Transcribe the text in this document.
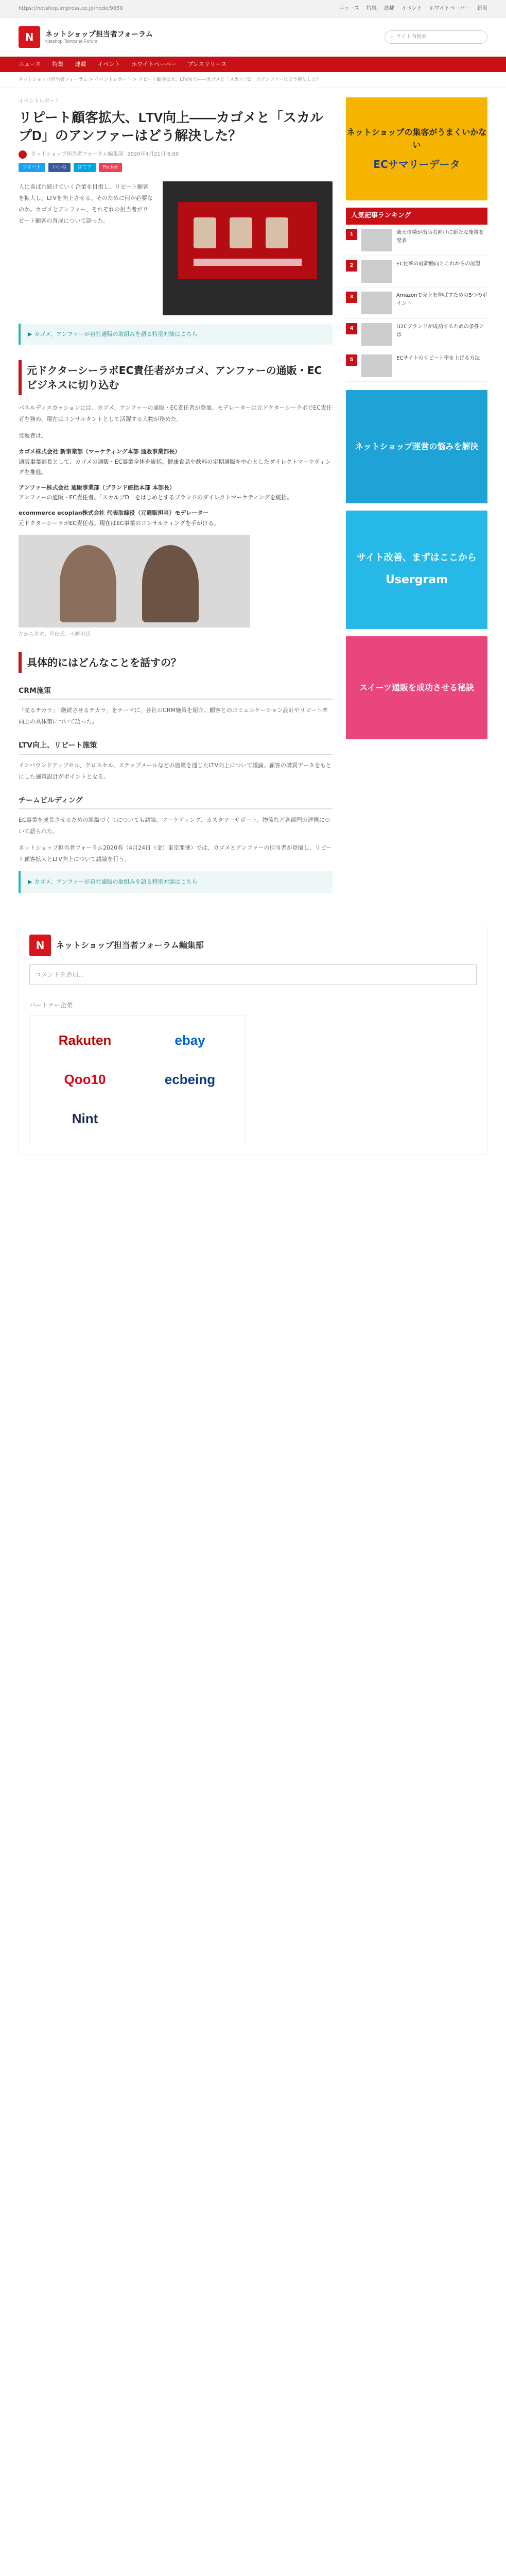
https://netshop.impress.co.jp/node/9859	ニュース 特集 連載 イベント ホワイトペーパー 新着
N	ネットショップ担当者フォーラム
Netshop Tantosha Forum
⌕ サイト内検索
ニュース 特集 連載 イベント ホワイトペーパー プレスリリース
ネットショップ担当者フォーラム > イベントレポート > リピート顧客拡大、LTV向上――カゴメと「スカルプD」のアンファーはどう解決した？
イベントレポート
リピート顧客拡大、LTV向上――カゴメと「スカルプD」のアンファーはどう解決した？
ネットショップ担当者フォーラム編集部 2020年4月21日 6:00
ツイート	いいね	はてブ	Pocket

人に喜ばれ続けていく企業を目指し、リピート顧客を拡大し、LTVを向上させる。そのために何が必要なのか。カゴメとアンファー、それぞれの担当者がリピート顧客の育成について語った。

▶ カゴメ、アンファーが自社通販の取組みを語る特別対談はこちら
元ドクターシーラボEC責任者がカゴメ、アンファーの通販・ECビジネスに切り込む

パネルディスカッションには、カゴメ、アンファーの通販・EC責任者が登壇。モデレーターは元ドクターシーラボでEC責任者を務め、現在はコンサルタントとして活躍する人物が務めた。

登壇者は、

カゴメ株式会社 新事業部（マーケティング本部 通販事業部長）
通販事業部長として、カゴメの通販・EC事業全体を統括。健康食品や飲料の定期通販を中心としたダイレクトマーケティングを推進。
アンファー株式会社 通販事業部（ブランド統括本部 本部長）
アンファーの通販・EC責任者。「スカルプD」をはじめとするブランドのダイレクトマーケティングを統括。
ecommerce ecoplan株式会社 代表取締役（元通販担当）モデレーター
元ドクターシーラボEC責任者。現在はEC事業のコンサルティングを手がける。
左から青木、芦田氏、小野沢氏
具体的にはどんなことを話すの？
CRM施策

「売るチカラ」「継続させるチカラ」をテーマに、各社のCRM施策を紹介。顧客とのコミュニケーション設計やリピート率向上の具体策について語った。

LTV向上、リピート施策

インバウンドアップセル、クロスセル、ステップメールなどの施策を通じたLTV向上について議論。顧客の購買データをもとにした施策設計がポイントとなる。

チームビルディング

EC事業を成長させるための組織づくりについても議論。マーケティング、カスタマーサポート、物流など各部門の連携について語られた。

ネットショップ担当者フォーラム2020春（4月24日（金）東京開催）では、カゴメとアンファーの担当者が登壇し、リピート顧客拡大とLTV向上について議論を行う。

▶ カゴメ、アンファーが自社通販の取組みを語る特別対談はこちら
ネットショップの集客がうまくいかない
ECサマリーデータ
人気記事ランキング
1	楽天市場が出店者向けに新たな施策を発表
2	EC化率の最新動向とこれからの展望
3	Amazonで売上を伸ばすための5つのポイント
4	D2Cブランドが成功するための条件とは
5	ECサイトのリピート率を上げる方法
ネットショップ運営の悩みを解決
サイト改善、まずはここから
Usergram
スイーツ通販を成功させる秘訣
N	ネットショップ担当者フォーラム編集部
コメントを追加...
パートナー企業
Rakuten	ebay
Qoo10	ecbeing
Nint
